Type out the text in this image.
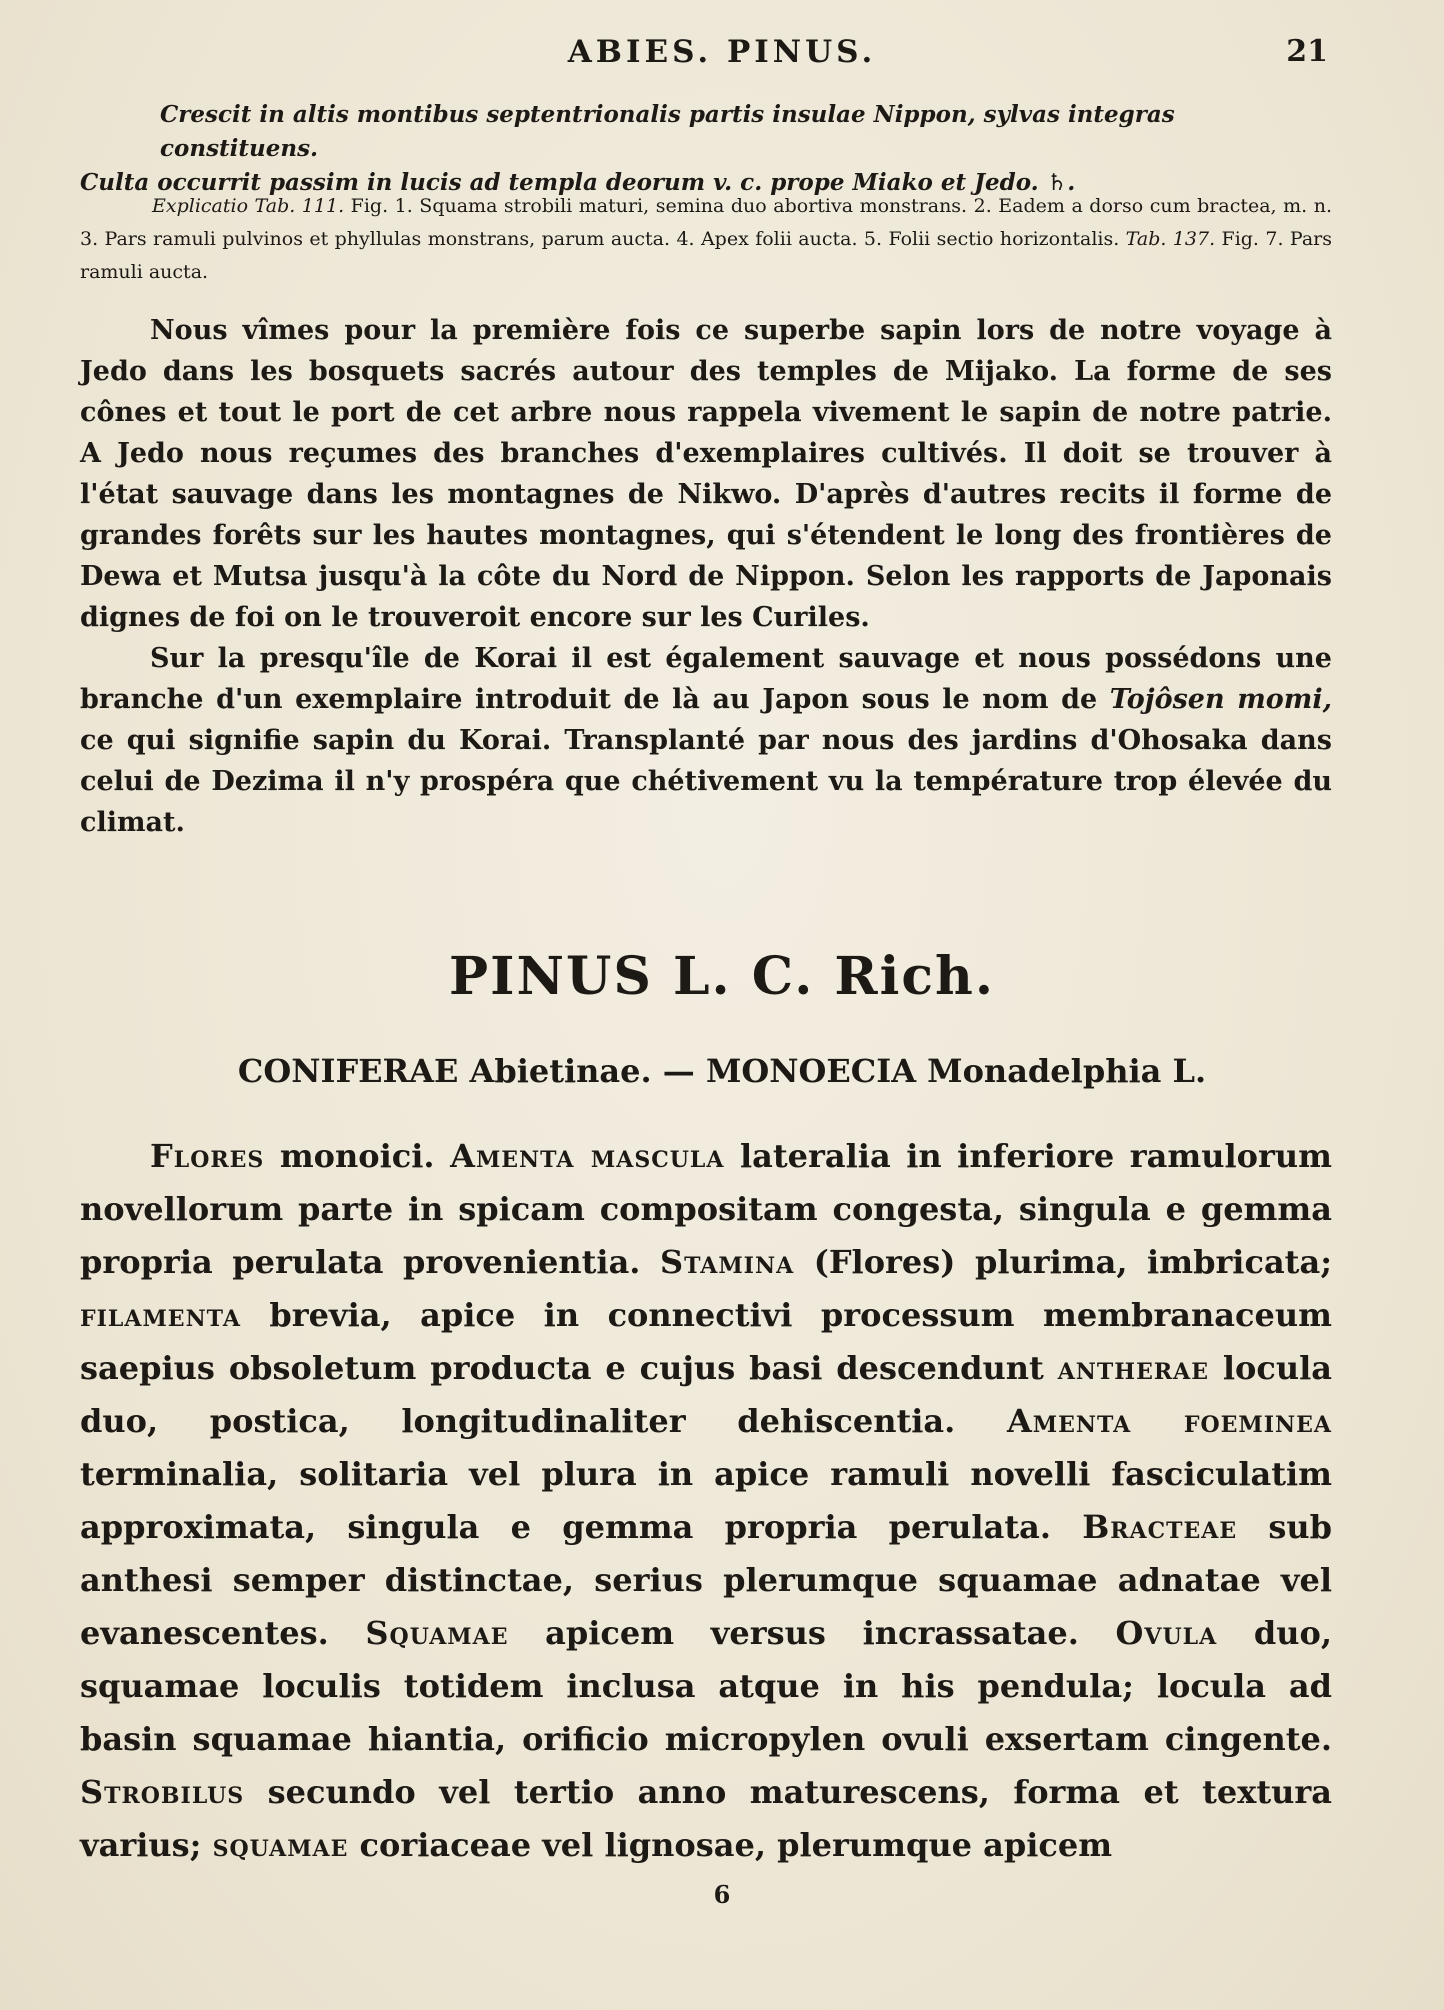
ABIES. PINUS.	21
Crescit in altis montibus septentrionalis partis insulae Nippon, sylvas integras constituens.
Culta occurrit passim in lucis ad templa deorum v. c. prope Miako et Jedo. ♄.
Explicatio Tab. 111. Fig. 1. Squama strobili maturi, semina duo abortiva monstrans. 2. Eadem a dorso cum bractea, m. n. 3. Pars ramuli pulvinos et phyllulas monstrans, parum aucta. 4. Apex folii aucta. 5. Folii sectio horizontalis. Tab. 137. Fig. 7. Pars ramuli aucta.

Nous vîmes pour la première fois ce superbe sapin lors de notre voyage à Jedo dans les bosquets sacrés autour des temples de Mijako. La forme de ses cônes et tout le port de cet arbre nous rappela vivement le sapin de notre patrie. A Jedo nous reçumes des branches d'exemplaires cultivés. Il doit se trouver à l'état sauvage dans les montagnes de Nikwo. D'après d'autres recits il forme de grandes forêts sur les hautes montagnes, qui s'étendent le long des frontières de Dewa et Mutsa jusqu'à la côte du Nord de Nippon. Selon les rapports de Japonais dignes de foi on le trouveroit encore sur les Curiles.

Sur la presqu'île de Korai il est également sauvage et nous possédons une branche d'un exemplaire introduit de là au Japon sous le nom de Tojôsen momi, ce qui signifie sapin du Korai. Transplanté par nous des jardins d'Ohosaka dans celui de Dezima il n'y prospéra que chétivement vu la température trop élevée du climat.

PINUS L. C. Rich.
CONIFERAE Abietinae. — MONOECIA Monadelphia L.

Flores monoici. Amenta mascula lateralia in inferiore ramulorum novellorum parte in spicam compositam congesta, singula e gemma propria perulata provenientia. Stamina (Flores) plurima, imbricata; filamenta brevia, apice in connectivi processum membranaceum saepius obsoletum producta e cujus basi descendunt antherae locula duo, postica, longitudinaliter dehiscentia. Amenta foeminea terminalia, solitaria vel plura in apice ramuli novelli fasciculatim approximata, singula e gemma propria perulata. Bracteae sub anthesi semper distinctae, serius plerumque squamae adnatae vel evanescentes. Squamae apicem versus incrassatae. Ovula duo, squamae loculis totidem inclusa atque in his pendula; locula ad basin squamae hiantia, orificio micropylen ovuli exsertam cingente. Strobilus secundo vel tertio anno maturescens, forma et textura varius; squamae coriaceae vel lignosae, plerumque apicem

6
